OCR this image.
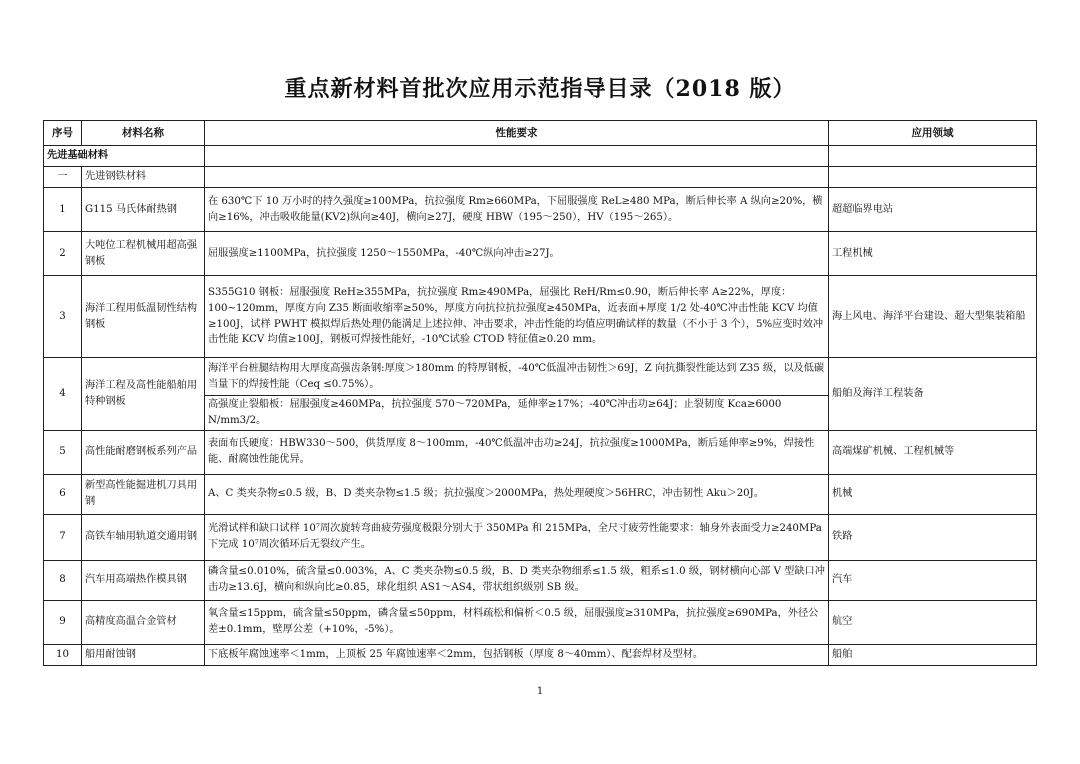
重点新材料首批次应用示范指导目录（2018 版）
序号	材料名称	性能要求	应用领域
先进基础材料			
一	先进钢铁材料		
1	G115 马氏体耐热钢	在 630℃下 10 万小时的持久强度≥100MPa，抗拉强度 Rm≥660MPa，下屈服强度 ReL≥480 MPa，断后伸长率 A 纵向≥20%，横向≥16%，冲击吸收能量(KV2)纵向≥40J，横向≥27J，硬度 HBW（195～250），HV（195～265）。	超超临界电站
2	大吨位工程机械用超高强钢板	屈服强度≥1100MPa，抗拉强度 1250～1550MPa，-40℃纵向冲击≥27J。	工程机械
3	海洋工程用低温韧性结构钢板	S355G10 钢板：屈服强度 ReH≥355MPa，抗拉强度 Rm≥490MPa，屈强比 ReH/Rm≤0.90，断后伸长率 A≥22%，厚度：100~120mm，厚度方向 Z35 断面收缩率≥50%，厚度方向抗拉抗拉强度≥450MPa，近表面+厚度 1/2 处-40℃冲击性能 KCV 均值≥100J，试样 PWHT 模拟焊后热处理仍能满足上述拉伸、冲击要求，冲击性能的均值应明确试样的数量（不小于 3 个），5%应变时效冲击性能 KCV 均值≥100J，钢板可焊接性能好，-10℃试验 CTOD 特征值≥0.20 mm。	海上风电、海洋平台建设、超大型集装箱船
4	海洋工程及高性能船舶用特种钢板	海洋平台桩腿结构用大厚度高强齿条钢:厚度＞180mm 的特厚钢板，-40℃低温冲击韧性＞69J，Z 向抗撕裂性能达到 Z35 级，以及低碳当量下的焊接性能（Ceq ≤0.75%）。	船舶及海洋工程装备
		高强度止裂船板：屈服强度≥460MPa，抗拉强度 570～720MPa，延伸率≥17%；-40℃冲击功≥64J；止裂韧度 Kca≥6000 N/mm3/2。	
5	高性能耐磨钢板系列产品	表面布氏硬度：HBW330～500，供货厚度 8～100mm，-40℃低温冲击功≥24J，抗拉强度≥1000MPa，断后延伸率≥9%，焊接性能、耐腐蚀性能优异。	高端煤矿机械、工程机械等
6	新型高性能掘进机刀具用钢	A、C 类夹杂物≤0.5 级，B、D 类夹杂物≤1.5 级；抗拉强度＞2000MPa，热处理硬度＞56HRC，冲击韧性 Aku＞20J。	机械
7	高铁车轴用轨道交通用钢	光滑试样和缺口试样 10⁷周次旋转弯曲疲劳强度极限分别大于 350MPa 和 215MPa，全尺寸疲劳性能要求：轴身外表面受力≥240MPa 下完成 10⁷周次循环后无裂纹产生。	铁路
8	汽车用高端热作模具钢	磷含量≤0.010%，硫含量≤0.003%，A、C 类夹杂物≤0.5 级，B、D 类夹杂物细系≤1.5 级，粗系≤1.0 级，钢材横向心部 V 型缺口冲击功≥13.6J，横向和纵向比≥0.85，球化组织 AS1～AS4，带状组织级别 SB 级。	汽车
9	高精度高温合金管材	氧含量≤15ppm，硫含量≤50ppm，磷含量≤50ppm，材料疏松和偏析＜0.5 级，屈服强度≥310MPa，抗拉强度≥690MPa，外径公差±0.1mm，壁厚公差（+10%，-5%）。	航空
10	船用耐蚀钢	下底板年腐蚀速率＜1mm，上顶板 25 年腐蚀速率＜2mm，包括钢板（厚度 8～40mm）、配套焊材及型材。	船舶
1
